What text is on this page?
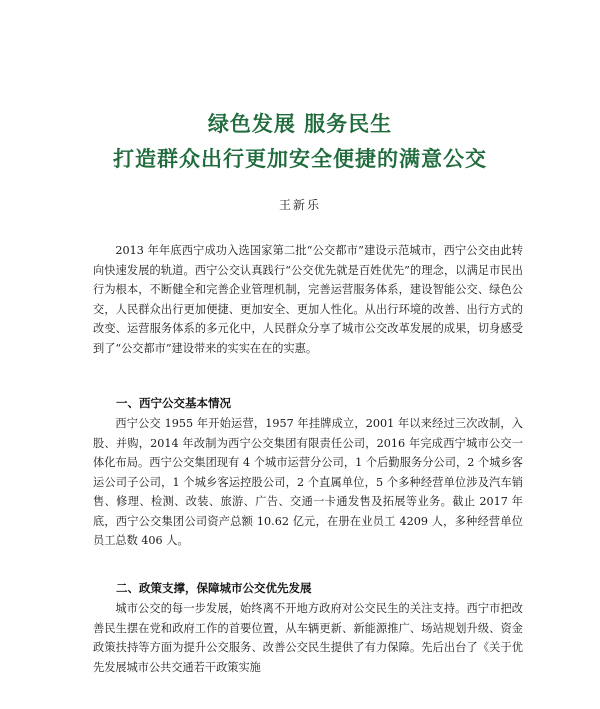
绿色发展 服务民生
打造群众出行更加安全便捷的满意公交
王新乐

2013 年年底西宁成功入选国家第二批“公交都市”建设示范城市，西宁公交由此转向快速发展的轨道。西宁公交认真践行“公交优先就是百姓优先”的理念，以满足市民出行为根本，不断健全和完善企业管理机制，完善运营服务体系，建设智能公交、绿色公交，人民群众出行更加便捷、更加安全、更加人性化。从出行环境的改善、出行方式的改变、运营服务体系的多元化中，人民群众分享了城市公交改革发展的成果，切身感受到了“公交都市”建设带来的实实在在的实惠。

一、西宁公交基本情况

西宁公交 1955 年开始运营，1957 年挂牌成立，2001 年以来经过三次改制，入股、并购，2014 年改制为西宁公交集团有限责任公司，2016 年完成西宁城市公交一体化布局。西宁公交集团现有 4 个城市运营分公司，1 个后勤服务分公司，2 个城乡客运公司子公司，1 个城乡客运控股公司，2 个直属单位，5 个多种经营单位涉及汽车销售、修理、检测、改装、旅游、广告、交通一卡通发售及拓展等业务。截止 2017 年底，西宁公交集团公司资产总额 10.62 亿元，在册在业员工 4209 人，多种经营单位员工总数 406 人。

二、政策支撑，保障城市公交优先发展

城市公交的每一步发展，始终离不开地方政府对公交民生的关注支持。西宁市把改善民生摆在党和政府工作的首要位置，从车辆更新、新能源推广、场站规划升级、资金政策扶持等方面为提升公交服务、改善公交民生提供了有力保障。先后出台了《关于优先发展城市公共交通若干政策实施
